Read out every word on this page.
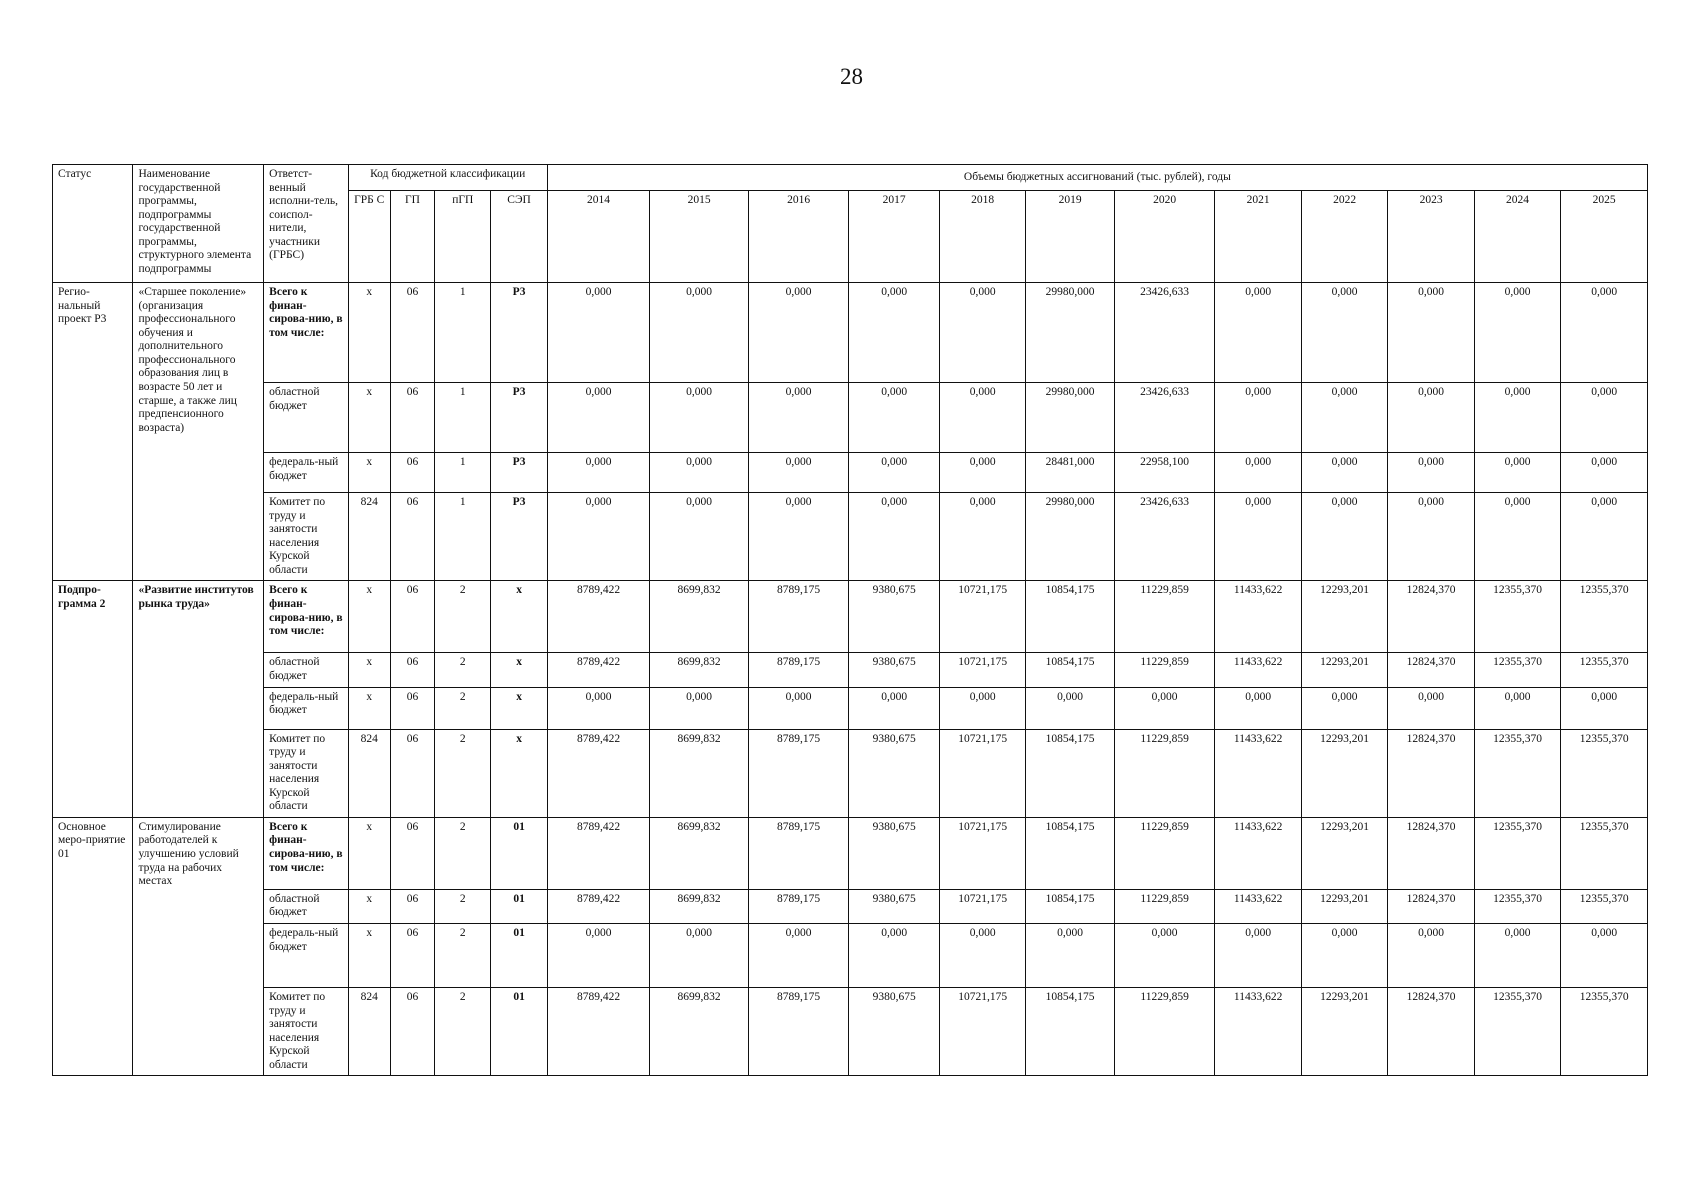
28
Статус	Наименование государственной программы, подпрограммы государственной программы, структурного элемента подпрограммы	Ответст-венный исполни-тель, соиспол-нители, участники (ГРБС)	Код бюджетной классификации				Объемы бюджетных ассигнований (тыс. рублей), годы											
			ГРБ С	ГП	пГП	СЭП	2014	2015	2016	2017	2018	2019	2020	2021	2022	2023	2024	2025
Регио-нальный проект Р3	«Старшее поколение» (организация профессионального обучения и дополнительного профессионального образования лиц в возрасте 50 лет и старше, а также лиц предпенсионного возраста)	Всего к финан-сирова-нию, в том числе:	х	06	1	Р3	0,000	0,000	0,000	0,000	0,000	29980,000	23426,633	0,000	0,000	0,000	0,000	0,000
		областной бюджет	х	06	1	Р3	0,000	0,000	0,000	0,000	0,000	29980,000	23426,633	0,000	0,000	0,000	0,000	0,000
		федераль-ный бюджет	х	06	1	Р3	0,000	0,000	0,000	0,000	0,000	28481,000	22958,100	0,000	0,000	0,000	0,000	0,000
		Комитет по труду и занятости населения Курской области	824	06	1	Р3	0,000	0,000	0,000	0,000	0,000	29980,000	23426,633	0,000	0,000	0,000	0,000	0,000
Подпро-грамма 2	«Развитие институтов рынка труда»	Всего к финан-сирова-нию, в том числе:	х	06	2	х	8789,422	8699,832	8789,175	9380,675	10721,175	10854,175	11229,859	11433,622	12293,201	12824,370	12355,370	12355,370
		областной бюджет	х	06	2	х	8789,422	8699,832	8789,175	9380,675	10721,175	10854,175	11229,859	11433,622	12293,201	12824,370	12355,370	12355,370
		федераль-ный бюджет	х	06	2	х	0,000	0,000	0,000	0,000	0,000	0,000	0,000	0,000	0,000	0,000	0,000	0,000
		Комитет по труду и занятости населения Курской области	824	06	2	х	8789,422	8699,832	8789,175	9380,675	10721,175	10854,175	11229,859	11433,622	12293,201	12824,370	12355,370	12355,370
Основное меро-приятие 01	Стимулирование работодателей к улучшению условий труда на рабочих местах	Всего к финан-сирова-нию, в том числе:	х	06	2	01	8789,422	8699,832	8789,175	9380,675	10721,175	10854,175	11229,859	11433,622	12293,201	12824,370	12355,370	12355,370
		областной бюджет	х	06	2	01	8789,422	8699,832	8789,175	9380,675	10721,175	10854,175	11229,859	11433,622	12293,201	12824,370	12355,370	12355,370
		федераль-ный бюджет	х	06	2	01	0,000	0,000	0,000	0,000	0,000	0,000	0,000	0,000	0,000	0,000	0,000	0,000
		Комитет по труду и занятости населения Курской области	824	06	2	01	8789,422	8699,832	8789,175	9380,675	10721,175	10854,175	11229,859	11433,622	12293,201	12824,370	12355,370	12355,370
